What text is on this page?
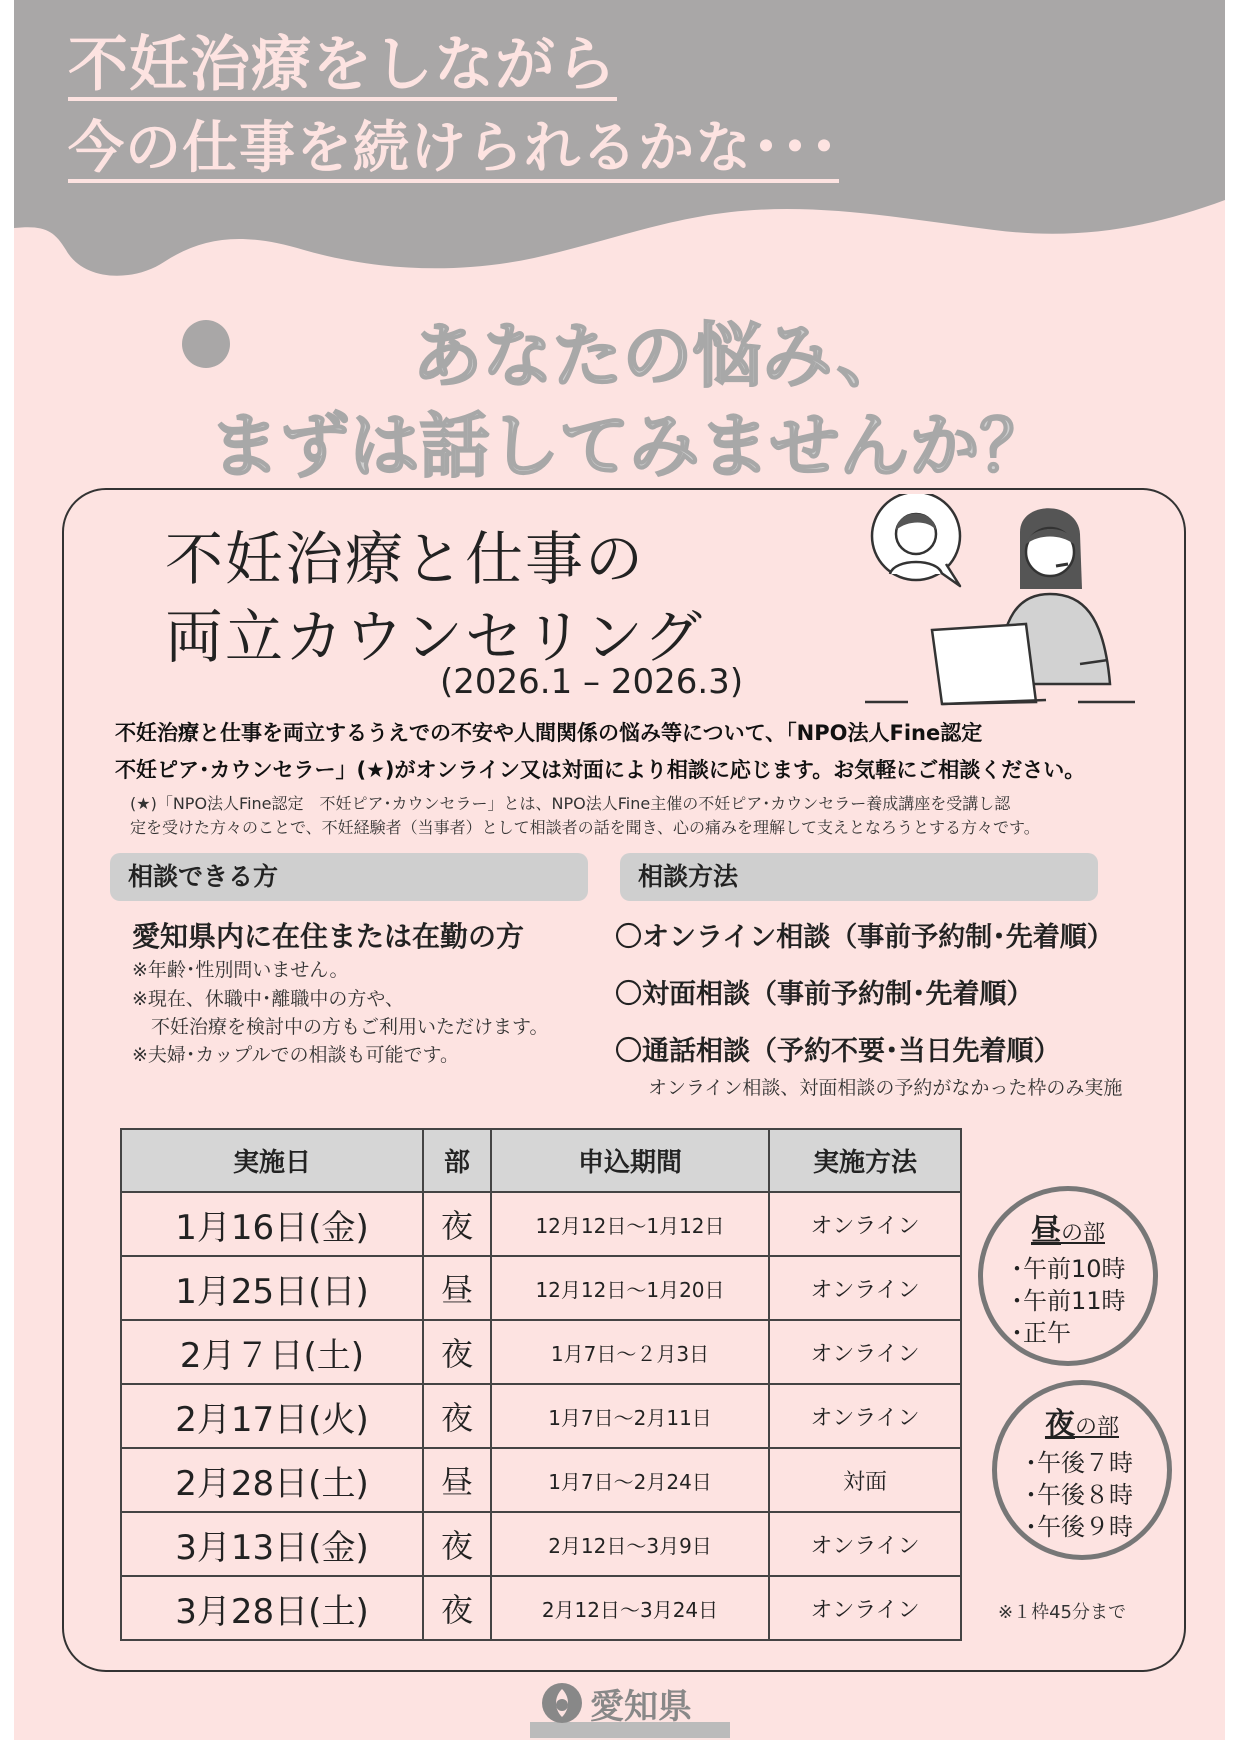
不妊治療をしながら
今の仕事を続けられるかな･･･
あなたの悩み、
まずは話してみませんか？
不妊治療と仕事の
両立カウンセリング
(2026.1 – 2026.3)
不妊治療と仕事を両立するうえでの不安や人間関係の悩み等について、「NPO法人Fine認定
不妊ピア･カウンセラー」(★)がオンライン又は対面により相談に応じます。お気軽にご相談ください。
(★)「NPO法人Fine認定　不妊ピア･カウンセラー」とは、NPO法人Fine主催の不妊ピア･カウンセラー養成講座を受講し認
定を受けた方々のことで、不妊経験者（当事者）として相談者の話を聞き、心の痛みを理解して支えとなろうとする方々です。
相談できる方	相談方法
愛知県内に在住または在勤の方
※年齢･性別問いません。
※現在、休職中･離職中の方や、
　不妊治療を検討中の方もご利用いただけます。
※夫婦･カップルでの相談も可能です。
〇オンライン相談（事前予約制･先着順）
〇対面相談（事前予約制･先着順）
〇通話相談（予約不要･当日先着順）
オンライン相談、対面相談の予約がなかった枠のみ実施
実施日	部	申込期間	実施方法
1月16日(金)	夜	12月12日～1月12日	オンライン
1月25日(日)	昼	12月12日～1月20日	オンライン
2月７日(土)	夜	1月7日～２月3日	オンライン
2月17日(火)	夜	1月7日～2月11日	オンライン
2月28日(土)	昼	1月7日～2月24日	対面
3月13日(金)	夜	2月12日～3月9日	オンライン
3月28日(土)	夜	2月12日～3月24日	オンライン
昼の部
･午前10時
･午前11時
･正午
夜の部
･午後７時
･午後８時
･午後９時
※１枠45分まで
愛知県
